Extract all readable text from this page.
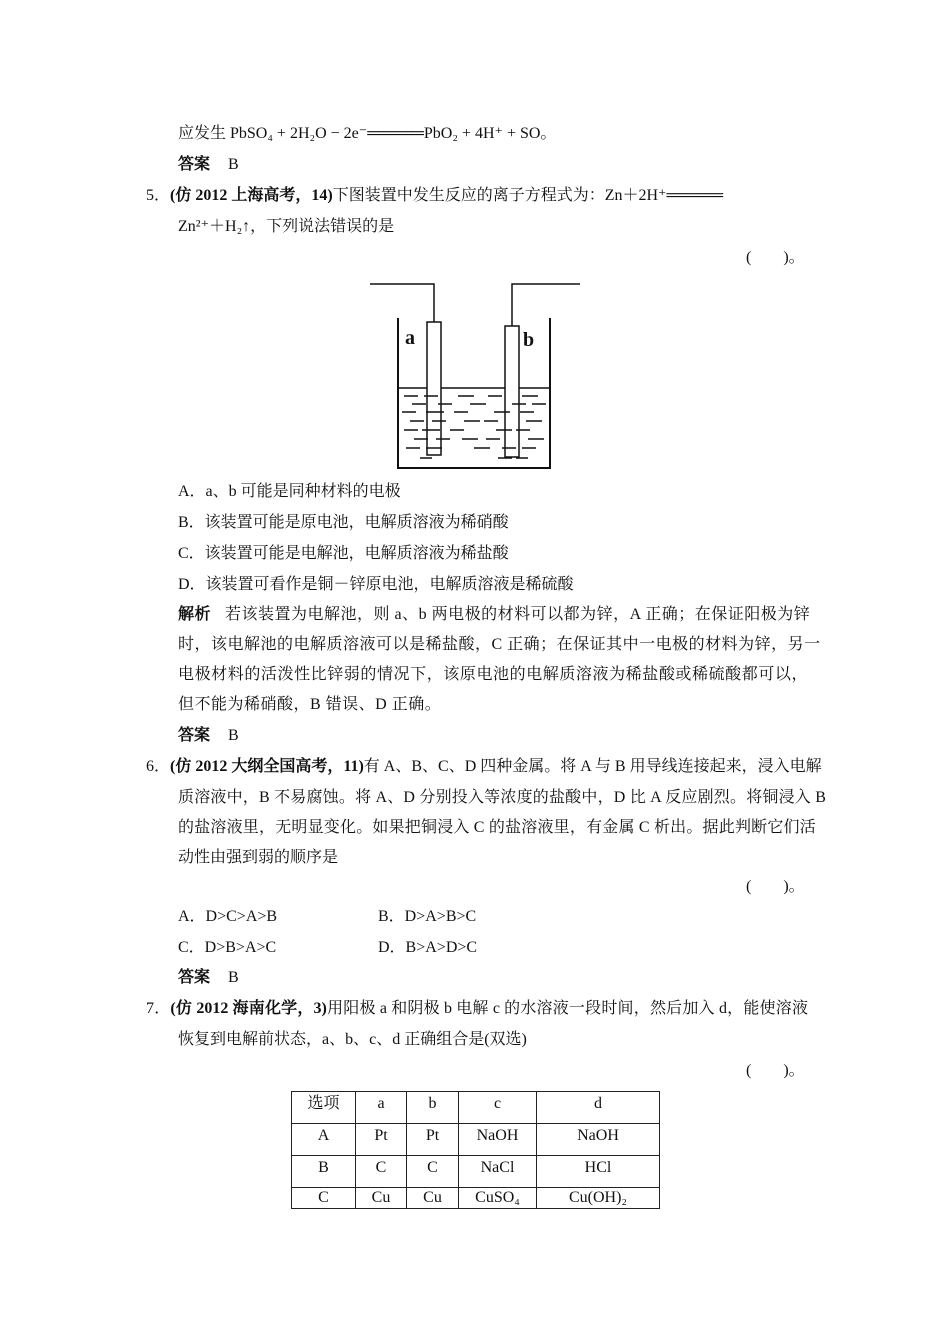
应发生 PbSO₄ + 2H₂O − 2e⁻═════PbO₂ + 4H⁺ + SO。
答案 B
5．(仿 2012 上海高考，14)下图装置中发生反应的离子方程式为：Zn＋2H⁺═════
Zn²⁺＋H₂↑，下列说法错误的是
(　　)。
a	b
A．a、b 可能是同种材料的电极
B．该装置可能是原电池，电解质溶液为稀硝酸
C．该装置可能是电解池，电解质溶液为稀盐酸
D．该装置可看作是铜－锌原电池，电解质溶液是稀硫酸
解析 若该装置为电解池，则 a、b 两电极的材料可以都为锌，A 正确；在保证阳极为锌
时，该电解池的电解质溶液可以是稀盐酸，C 正确；在保证其中一电极的材料为锌，另一
电极材料的活泼性比锌弱的情况下，该原电池的电解质溶液为稀盐酸或稀硫酸都可以，
但不能为稀硝酸，B 错误、D 正确。
答案 B
6．(仿 2012 大纲全国高考，11)有 A、B、C、D 四种金属。将 A 与 B 用导线连接起来，浸入电解
质溶液中，B 不易腐蚀。将 A、D 分别投入等浓度的盐酸中，D 比 A 反应剧烈。将铜浸入 B
的盐溶液里，无明显变化。如果把铜浸入 C 的盐溶液里，有金属 C 析出。据此判断它们活
动性由强到弱的顺序是
(　　)。
A．D>C>A>B	B．D>A>B>C
C．D>B>A>C	D．B>A>D>C
答案 B
7．(仿 2012 海南化学，3)用阳极 a 和阴极 b 电解 c 的水溶液一段时间，然后加入 d，能使溶液
恢复到电解前状态，a、b、c、d 正确组合是(双选)
(　　)。
选项	a	b	c	d
A	Pt	Pt	NaOH	NaOH
B	C	C	NaCl	HCl
C	Cu	Cu	CuSO₄	Cu(OH)₂
